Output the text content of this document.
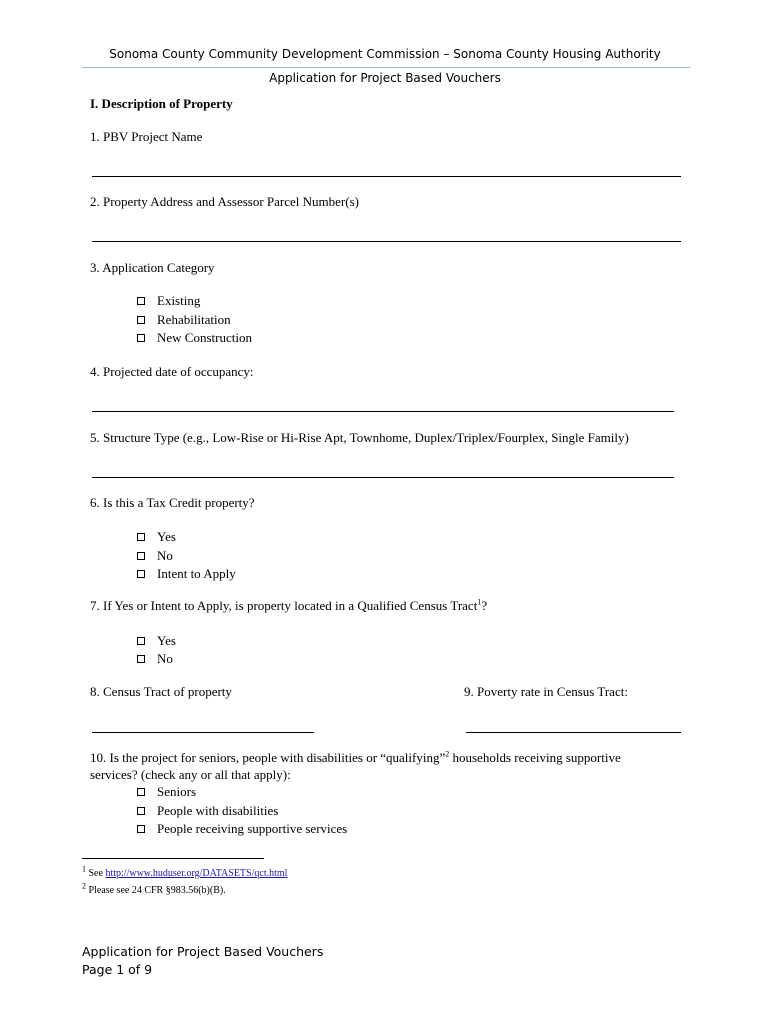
Sonoma County Community Development Commission – Sonoma County Housing Authority
Application for Project Based Vouchers
I. Description of Property
1. PBV Project Name
2. Property Address and Assessor Parcel Number(s)
3. Application Category
Existing
Rehabilitation
New Construction
4. Projected date of occupancy:
5. Structure Type (e.g., Low-Rise or Hi-Rise Apt, Townhome, Duplex/Triplex/Fourplex, Single Family)
6. Is this a Tax Credit property?
Yes
No
Intent to Apply
7. If Yes or Intent to Apply, is property located in a Qualified Census Tract$^1$?
Yes
No
8. Census Tract of property	9. Poverty rate in Census Tract:
10. Is the project for seniors, people with disabilities or “qualifying”$^2$ households receiving supportive
services? (check any or all that apply):
Seniors
People with disabilities
People receiving supportive services
$^1$ See http://www.huduser.org/DATASETS/qct.html
$^2$ Please see 24 CFR §983.56(b)(B).
Application for Project Based Vouchers
Page 1 of 9
